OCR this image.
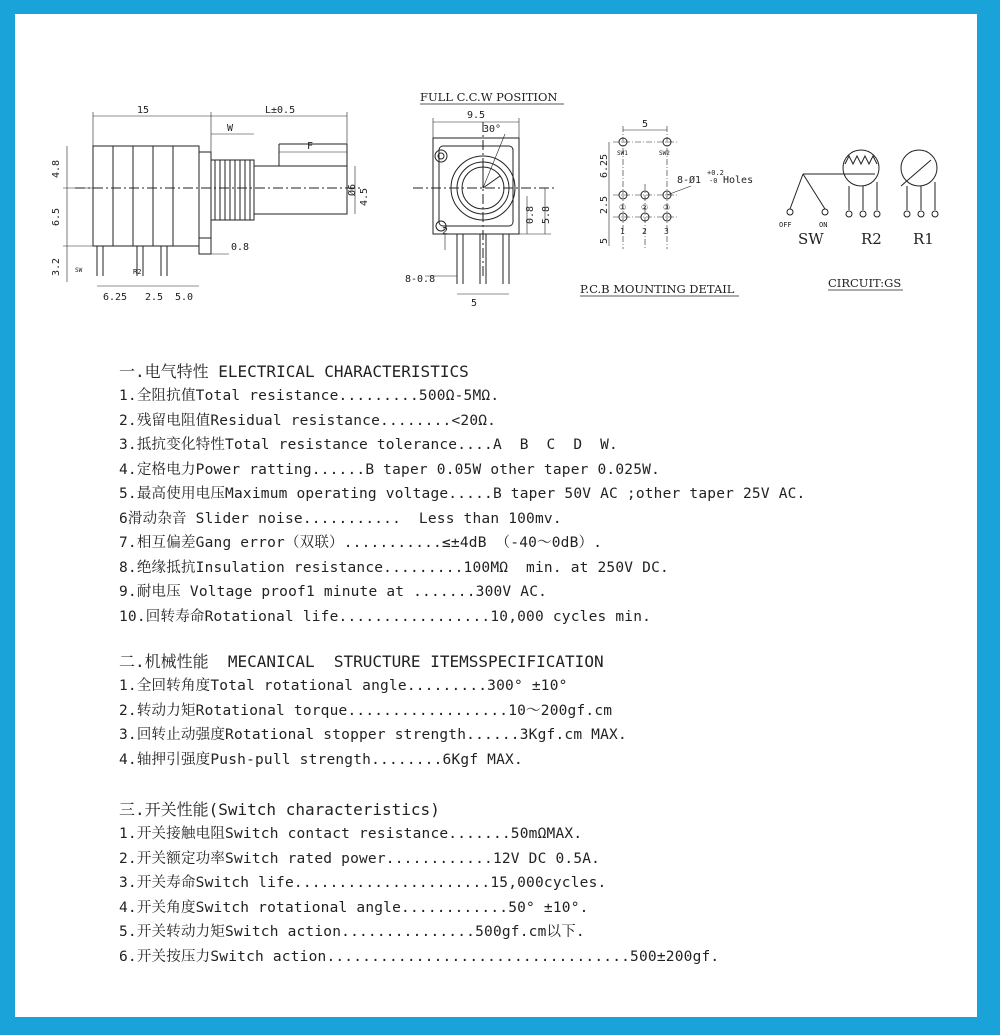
15	L±0.5
W
F
4.8
6.5
3.2
4.5
Ø6
0.8
6.25 2.5 5.0
SW	R2
FULL C.C.W POSITION
9.5
30°
0.8 5.8
2
8-0.8
5
5
6.25
2.5
5
8-Ø1
+0.2
-0 Holes
SW1	SW2
① ② ③
1 2 3
P.C.B MOUNTING DETAIL
OFF	ON
SW R2 R1
CIRCUIT:GS
一.电气特性 ELECTRICAL CHARACTERISTICS
1.全阻抗值Total resistance.........500Ω-5MΩ.
2.残留电阻值Residual resistance........<20Ω.
3.抵抗变化特性Total resistance tolerance....A  B  C  D  W.
4.定格电力Power ratting......B taper 0.05W other taper 0.025W.
5.最高使用电压Maximum operating voltage.....B taper 50V AC ;other taper 25V AC.
6滑动杂音 Slider noise...........  Less than 100mv.
7.相互偏差Gang error（双联）...........≤±4dB （-40～0dB）.
8.绝缘抵抗Insulation resistance.........100MΩ  min. at 250V DC.
9.耐电压 Voltage proof1 minute at .......300V AC.
10.回转寿命Rotational life.................10,000 cycles min.
二.机械性能  MECANICAL  STRUCTURE ITEMSSPECIFICATION
1.全回转角度Total rotational angle.........300° ±10°
2.转动力矩Rotational torque..................10～200gf.cm
3.回转止动强度Rotational stopper strength......3Kgf.cm MAX.
4.轴押引强度Push-pull strength........6Kgf MAX.
三.开关性能(Switch characteristics)
1.开关接触电阻Switch contact resistance.......50mΩMAX.
2.开关额定功率Switch rated power............12V DC 0.5A.
3.开关寿命Switch life......................15,000cycles.
4.开关角度Switch rotational angle............50° ±10°.
5.开关转动力矩Switch action...............500gf.cm以下.
6.开关按压力Switch action..................................500±200gf.
